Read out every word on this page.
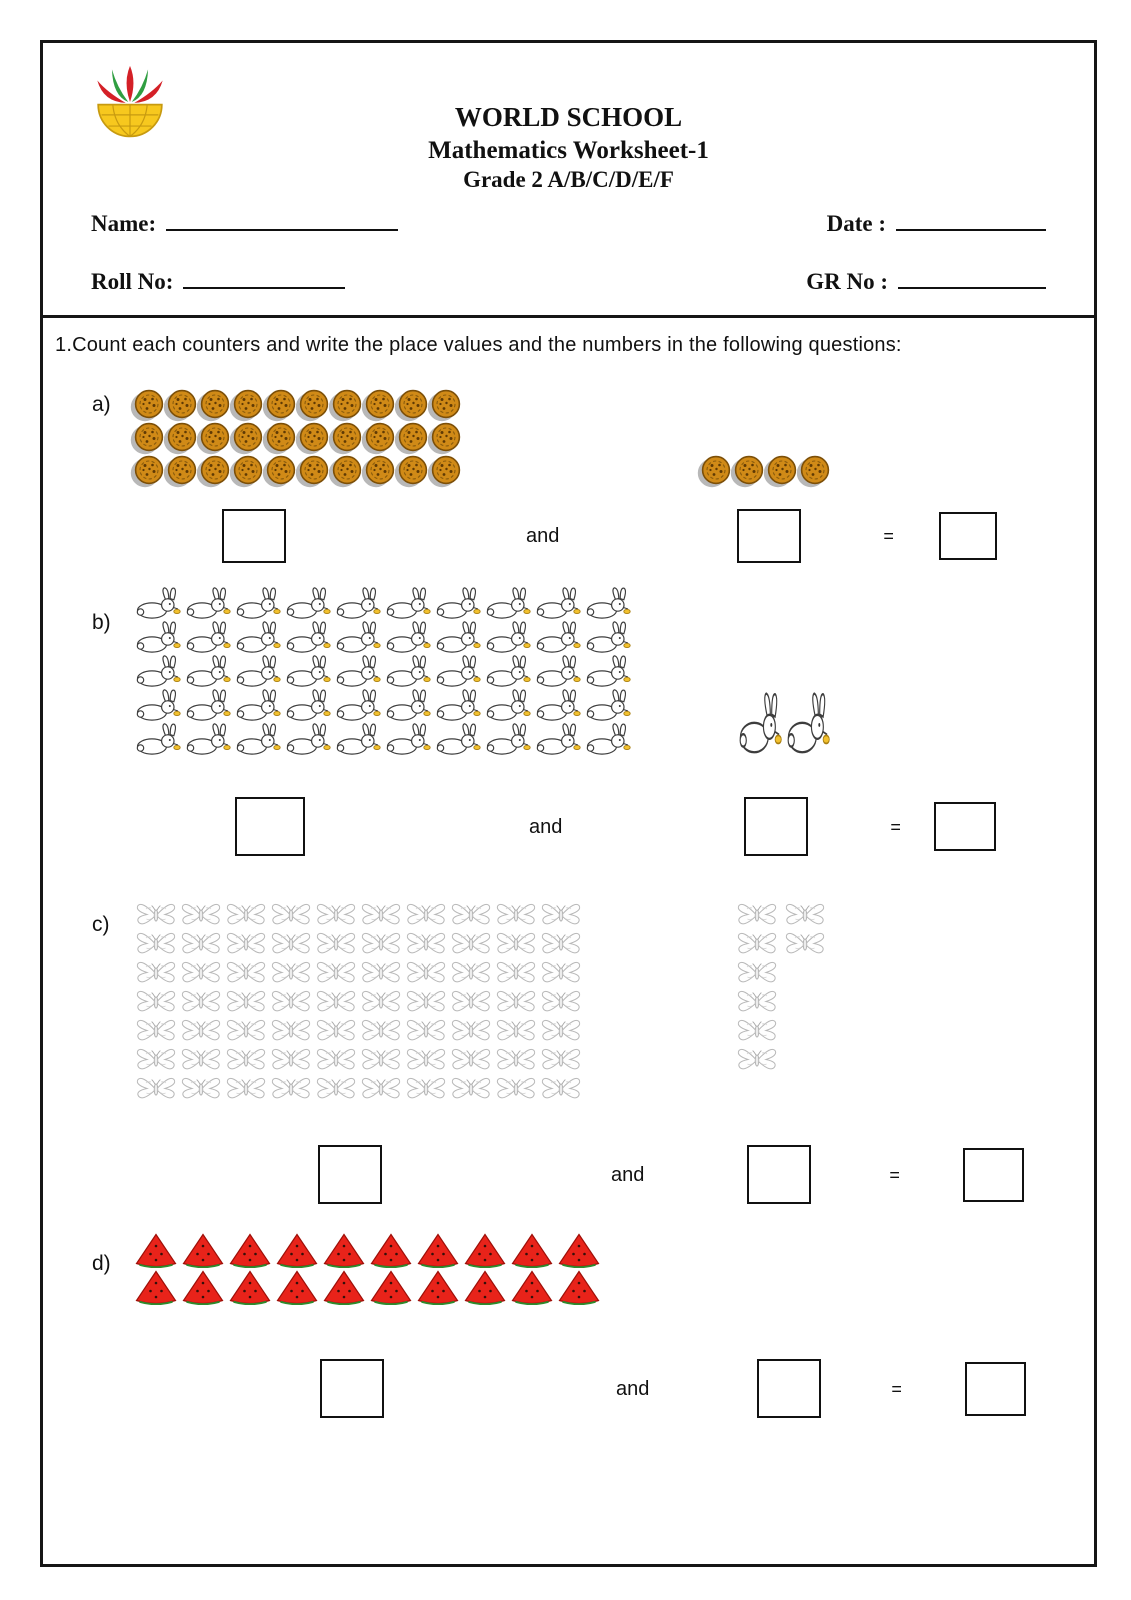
WORLD SCHOOL
Mathematics Worksheet-1
Grade 2 A/B/C/D/E/F
Name:	Date :
Roll No:	GR No :

1.Count each counters and write the place values and the numbers in the following questions:

a)
and	=
b)
and	=
c)
and	=
d)
and	=
